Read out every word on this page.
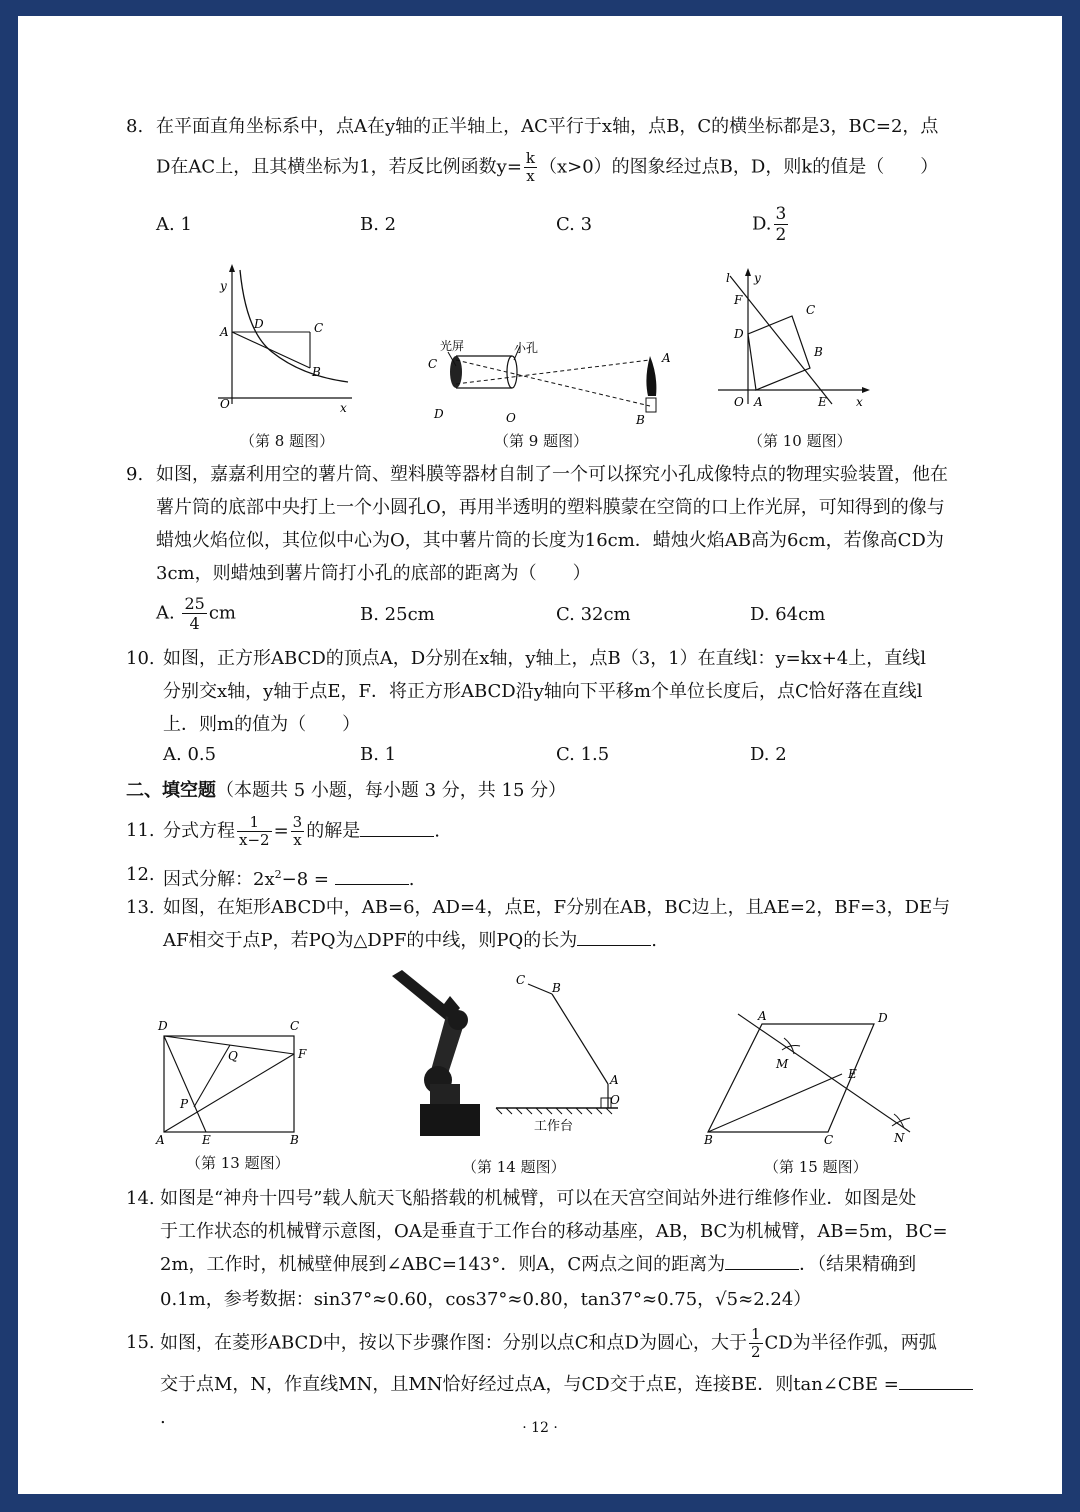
8. 在平面直角坐标系中，点A在y轴的正半轴上，AC平行于x轴，点B，C的横坐标都是3，BC=2，点
D在AC上，且其横坐标为1，若反比例函数$y= \frac{k}{x} (x>0)$的图象经过点B，D，则k的值是（　　）
A. 1	B. 2	C. 3	D. $\frac{3}{2}$
y
O	x
A
D	C
B
（第 8 题图）
光屏	小孔
C
D	O
A
B
（第 9 题图）
l y
F
C
D
B
O A	E x
（第 10 题图）
9. 如图，嘉嘉利用空的薯片筒、塑料膜等器材自制了一个可以探究小孔成像特点的物理实验装置，他在
薯片筒的底部中央打上一个小圆孔O，再用半透明的塑料膜蒙在空筒的口上作光屏，可知得到的像与
蜡烛火焰位似，其位似中心为O，其中薯片筒的长度为16cm．蜡烛火焰AB高为6cm，若像高CD为
3cm，则蜡烛到薯片筒打小孔的底部的距离为（　　）
A. $\frac{25}{4}$ cm	B. 25cm	C. 32cm	D. 64cm
10. 如图，正方形ABCD的顶点A，D分别在x轴，y轴上，点B（3，1）在直线l：y=kx+4上，直线l
分别交x轴，y轴于点E，F．将正方形ABCD沿y轴向下平移m个单位长度后，点C恰好落在直线l
上．则m的值为（　　）
A. 0.5	B. 1	C. 1.5	D. 2
二、填空题（本题共 5 小题，每小题 3 分，共 15 分）
11. 分式方程 $\frac{1}{x-2} = \frac{3}{x}$ 的解是	.
12. 因式分解：$2x^2-8$ =	.
13. 如图，在矩形ABCD中，AB=6，AD=4，点E，F分别在AB，BC边上，且AE=2，BF=3，DE与
AF相交于点P，若PQ为△DPF的中线，则PQ的长为	.
D	C
Q	F
P
A	E	B
（第 13 题图）
C
B
A
O
工作台
（第 14 题图）
A	D
M
E
B	C	N
（第 15 题图）
14. 如图是“神舟十四号”载人航天飞船搭载的机械臂，可以在天宫空间站外进行维修作业．如图是处
于工作状态的机械臂示意图，OA是垂直于工作台的移动基座，AB，BC为机械臂，AB=5m，BC=
2m，工作时，机械壁伸展到∠ABC=143°．则A，C两点之间的距离为	．（结果精确到
0.1m，参考数据：sin37°≈0.60，cos37°≈0.80，tan37°≈0.75，√5≈2.24）
15. 如图，在菱形ABCD中，按以下步骤作图：分别以点C和点D为圆心，大于 $\frac{1}{2}$ CD为半径作弧，两弧
交于点M，N，作直线MN，且MN恰好经过点A，与CD交于点E，连接BE．则tan∠CBE =.	· 12 ·
